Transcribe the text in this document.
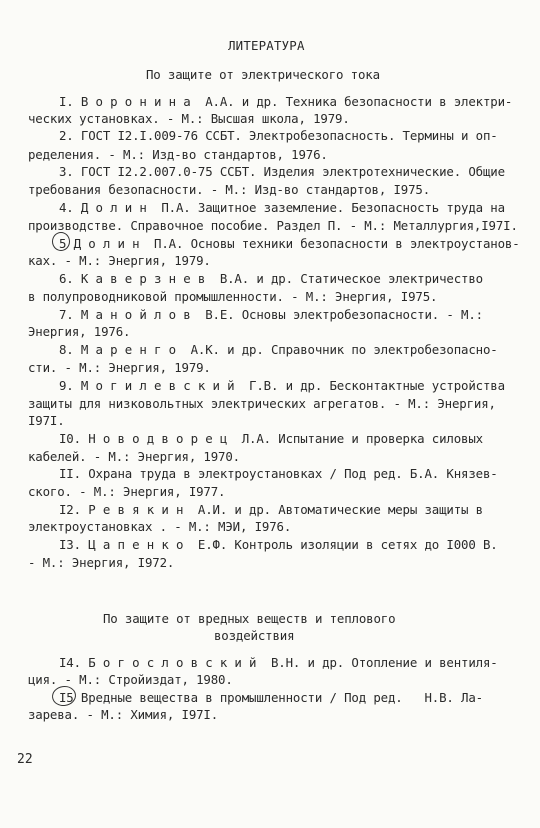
ЛИТЕРАТУРА
По защите от электрического тока
I. В о р о н и н а  А.А. и др. Техника безопасности в электри-
ческих установках. - М.: Высшая школа, 1979.
2. ГОСТ I2.I.009-76 ССБТ. Электробезопасность. Термины и оп-
ределения. - М.: Изд-во стандартов, 1976.
3. ГОСТ I2.2.007.0-75 ССБТ. Изделия электротехнические. Общие
требования безопасности. - М.: Изд-во стандартов, I975.
4. Д о л и н  П.А. Защитное заземление. Безопасность труда на
производстве. Справочное пособие. Раздел П. - М.: Металлургия,I97I.
5 Д о л и н  П.А. Основы техники безопасности в электроустанов-
ках. - М.: Энергия, 1979.
6. К а в е р з н е в  В.А. и др. Статическое электричество
в полупроводниковой промышленности. - М.: Энергия, I975.
7. М а н о й л о в  В.Е. Основы электробезопасности. - М.:
Энергия, 1976.
8. М а р е н г о  А.К. и др. Справочник по электробезопасно-
сти. - М.: Энергия, 1979.
9. М о г и л е в с к и й  Г.В. и др. Бесконтактные устройства
защиты для низковольтных электрических агрегатов. - М.: Энергия,
I97I.
I0. Н о в о д в о р е ц  Л.А. Испытание и проверка силовых
кабелей. - М.: Энергия, 1970.
II. Охрана труда в электроустановках / Под ред. Б.А. Князев-
ского. - М.: Энергия, I977.
I2. Р е в я к и н  А.И. и др. Автоматические меры защиты в
электроустановках . - М.: МЭИ, I976.
I3. Ц а п е н к о  Е.Ф. Контроль изоляции в сетях до I000 В.
- М.: Энергия, I972.
По защите от вредных веществ и теплового
воздействия
I4. Б о г о с л о в с к и й  В.Н. и др. Отопление и вентиля-
ция. - М.: Стройиздат, 1980.
I5 Вредные вещества в промышленности / Под ред.   Н.В. Ла-
зарева. - М.: Химия, I97I.
22
